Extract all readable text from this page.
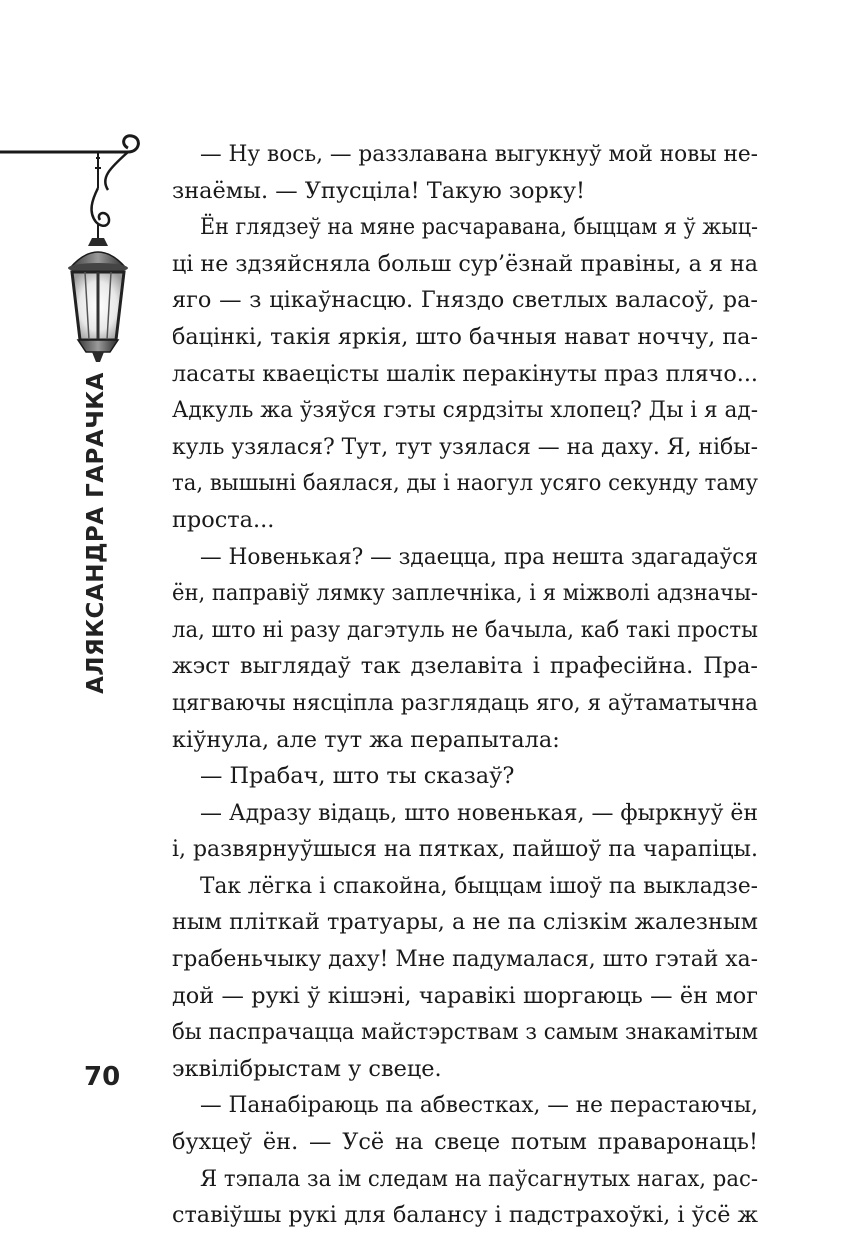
АЛЯКСАНДРА ГАРАЧКА
70
— Ну вось, — раззлавана выгукнуў мой новы не-
знаёмы. — Упусціла! Такую зорку!
Ён глядзеў на мяне расчаравана, быццам я ў жыц-
ці не здзяйсняла больш сур’ёзнай правіны, а я на
яго — з цікаўнасцю. Гняздо светлых валасоў, ра-
бацінкі, такія яркія, што бачныя нават ноччу, па-
ласаты кваецісты шалік перакінуты праз плячо...
Адкуль жа ўзяўся гэты сярдзіты хлопец? Ды і я ад-
куль узялася? Тут, тут узялася — на даху. Я, нібы-
та, вышыні баялася, ды і наогул усяго секунду таму
проста...
— Новенькая? — здаецца, пра нешта здагадаўся
ён, паправіў лямку заплечніка, і я міжволі адзначы-
ла, што ні разу дагэтуль не бачыла, каб такі просты
жэст выглядаў так дзелавіта і прафесійна. Пра-
цягваючы нясціпла разглядаць яго, я аўтаматычна
кіўнула, але тут жа перапытала:
— Прабач, што ты сказаў?
— Адразу відаць, што новенькая, — фыркнуў ён
і, развярнуўшыся на пятках, пайшоў па чарапіцы.
Так лёгка і спакойна, быццам ішоў па выкладзе-
ным пліткай тратуары, а не па слізкім жалезным
грабеньчыку даху! Мне падумалася, што гэтай ха-
дой — рукі ў кішэні, чаравікі шоргаюць — ён мог
бы паспрачацца майстэрствам з самым знакамітым
эквілібрыстам у свеце.
— Панабіраюць па абвестках, — не перастаючы,
бухцеў ён. — Усё на свеце потым праваронаць!
Я тэпала за ім следам на паўсагнутых нагах, рас-
ставіўшы рукі для балансу і падстрахоўкі, і ўсё ж
